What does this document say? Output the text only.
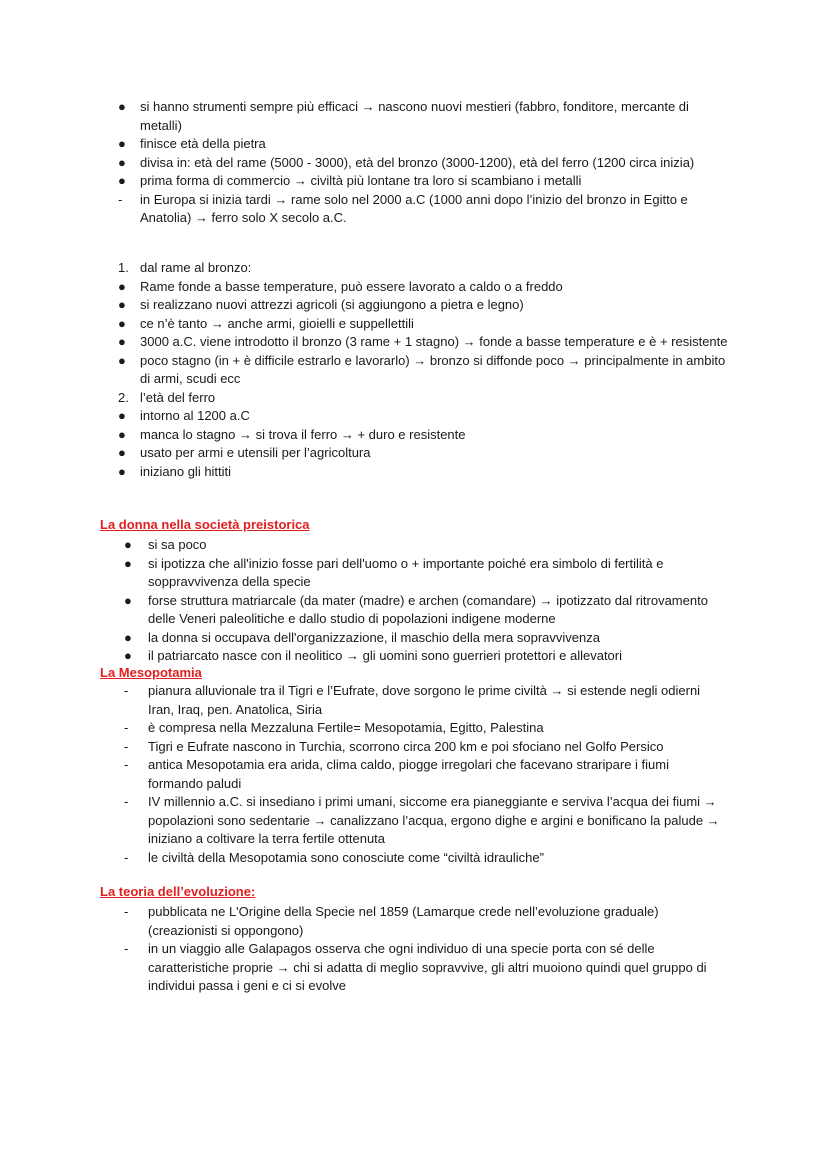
La donna nella società preistorica
La Mesopotamia
La teoria dell’evoluzione:
● si hanno strumenti sempre più efficaci → nascono nuovi mestieri (fabbro, fonditore, mercante di metalli)
● finisce età della pietra
● divisa in: età del rame (5000 - 3000), età del bronzo (3000-1200), età del ferro (1200 circa inizia)
● prima forma di commercio → civiltà più lontane tra loro si scambiano i metalli
- in Europa si inizia tardi → rame solo nel 2000 a.C (1000 anni dopo l’inizio del bronzo in Egitto e Anatolia) → ferro solo X secolo a.C.
1. dal rame al bronzo:
● Rame fonde a basse temperature, può essere lavorato a caldo o a freddo
● si realizzano nuovi attrezzi agricoli (si aggiungono a pietra e legno)
● ce n’è tanto → anche armi, gioielli e suppellettili
● 3000 a.C. viene introdotto il bronzo (3 rame + 1 stagno) → fonde a basse temperature e è + resistente
● poco stagno (in + è difficile estrarlo e lavorarlo) → bronzo si diffonde poco → principalmente in ambito di armi, scudi ecc
2. l’età del ferro
● intorno al 1200 a.C
● manca lo stagno → si trova il ferro → + duro e resistente
● usato per armi e utensili per l’agricoltura
● iniziano gli hittiti
● si sa poco
● si ipotizza che all'inizio fosse pari dell'uomo o + importante poiché era simbolo di fertilità e soppravvivenza della specie
● forse struttura matriarcale (da mater (madre) e archen (comandare) → ipotizzato dal ritrovamento delle Veneri paleolitiche e dallo studio di popolazioni indigene moderne
● la donna si occupava dell'organizzazione, il maschio della mera sopravvivenza
● il patriarcato nasce con il neolitico → gli uomini sono guerrieri protettori e allevatori
- pianura alluvionale tra il Tigri e l’Eufrate, dove sorgono le prime civiltà → si estende negli odierni Iran, Iraq, pen. Anatolica, Siria
- è compresa nella Mezzaluna Fertile= Mesopotamia, Egitto, Palestina
- Tigri e Eufrate nascono in Turchia, scorrono circa 200 km e poi sfociano nel Golfo Persico
- antica Mesopotamia era arida, clima caldo, piogge irregolari che facevano straripare i fiumi formando paludi
- IV millennio a.C. si insediano i primi umani, siccome era pianeggiante e serviva l’acqua dei fiumi → popolazioni sono sedentarie → canalizzano l’acqua, ergono dighe e argini e bonificano la palude → iniziano a coltivare la terra fertile ottenuta
- le civiltà della Mesopotamia sono conosciute come “civiltà idrauliche”
- pubblicata ne L'Origine della Specie nel 1859 (Lamarque crede nell’evoluzione graduale) (creazionisti si oppongono)
- in un viaggio alle Galapagos osserva che ogni individuo di una specie porta con sé delle caratteristiche proprie → chi si adatta di meglio sopravvive, gli altri muoiono quindi quel gruppo di individui passa i geni e ci si evolve
